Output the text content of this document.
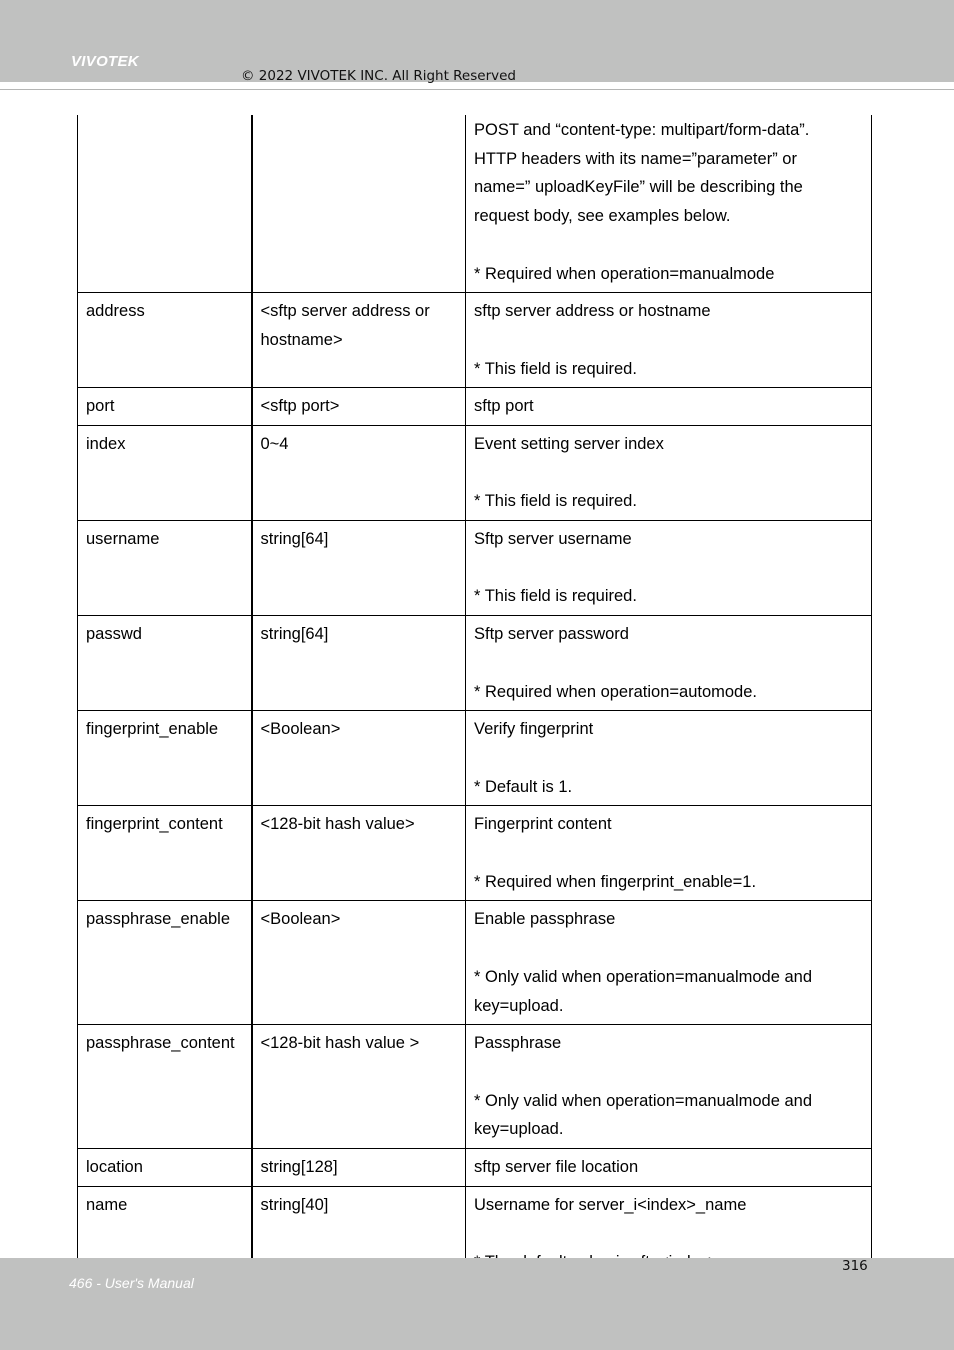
VIVOTEK
© 2022 VIVOTEK INC. All Right Reserved

		POST and “content-type: multipart/form-data”.
HTTP headers with its name=”parameter” or
name=” uploadKeyFile” will be describing the
request body, see examples below.
* Required when operation=manualmode

address	<sftp server address or
hostname>	sftp server address or hostname
* This field is required.

port	<sftp port>	sftp port

index	0~4	Event setting server index
* This field is required.

username	string[64]	Sftp server username
* This field is required.

passwd	string[64]	Sftp server password
* Required when operation=automode.

fingerprint_enable	<Boolean>	Verify fingerprint
* Default is 1.

fingerprint_content	<128-bit hash value>	Fingerprint content
* Required when fingerprint_enable=1.

passphrase_enable	<Boolean>	Enable passphrase
* Only valid when operation=manualmode and
key=upload.

passphrase_content	<128-bit hash value >	Passphrase
* Only valid when operation=manualmode and
key=upload.

location	string[128]	sftp server file location

name	string[40]	Username for server_i<index>_name
316
466 - User's Manual
